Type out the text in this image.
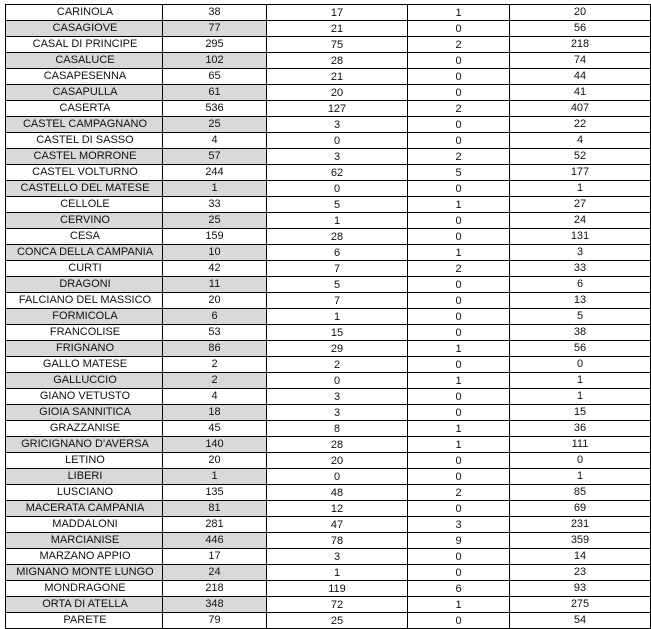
CARINOLA	38	17	1	20
CASAGIOVE	77	21	0	56
CASAL DI PRINCIPE	295	75	2	218
CASALUCE	102	28	0	74
CASAPESENNA	65	21	0	44
CASAPULLA	61	20	0	41
CASERTA	536	127	2	407
CASTEL CAMPAGNANO	25	3	0	22
CASTEL DI SASSO	4	0	0	4
CASTEL MORRONE	57	3	2	52
CASTEL VOLTURNO	244	62	5	177
CASTELLO DEL MATESE	1	0	0	1
CELLOLE	33	5	1	27
CERVINO	25	1	0	24
CESA	159	28	0	131
CONCA DELLA CAMPANIA	10	6	1	3
CURTI	42	7	2	33
DRAGONI	11	5	0	6
FALCIANO DEL MASSICO	20	7	0	13
FORMICOLA	6	1	0	5
FRANCOLISE	53	15	0	38
FRIGNANO	86	29	1	56
GALLO MATESE	2	2	0	0
GALLUCCIO	2	0	1	1
GIANO VETUSTO	4	3	0	1
GIOIA SANNITICA	18	3	0	15
GRAZZANISE	45	8	1	36
GRICIGNANO D'AVERSA	140	28	1	111
LETINO	20	20	0	0
LIBERI	1	0	0	1
LUSCIANO	135	48	2	85
MACERATA CAMPANIA	81	12	0	69
MADDALONI	281	47	3	231
MARCIANISE	446	78	9	359
MARZANO APPIO	17	3	0	14
MIGNANO MONTE LUNGO	24	1	0	23
MONDRAGONE	218	119	6	93
ORTA DI ATELLA	348	72	1	275
PARETE	79	25	0	54
